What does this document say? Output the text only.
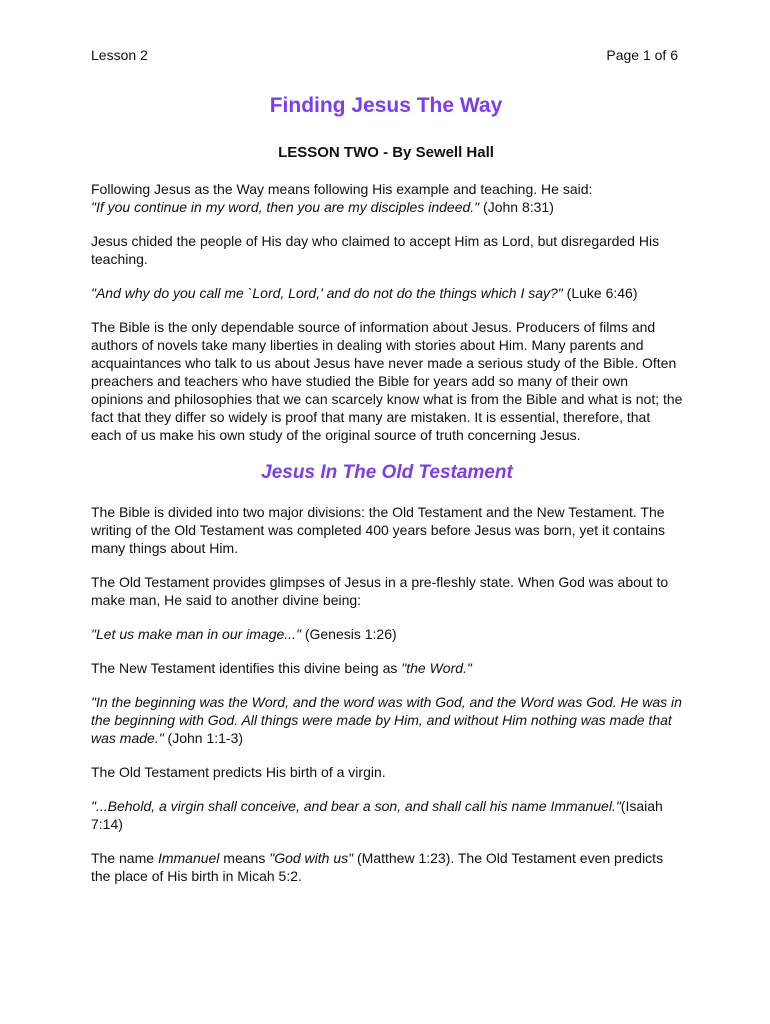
Lesson 2	Page 1 of 6
Finding Jesus The Way
LESSON TWO - By Sewell Hall

Following Jesus as the Way means following His example and teaching. He said:
"If you continue in my word, then you are my disciples indeed." (John 8:31)

Jesus chided the people of His day who claimed to accept Him as Lord, but disregarded His teaching.

"And why do you call me `Lord, Lord,' and do not do the things which I say?" (Luke 6:46)

The Bible is the only dependable source of information about Jesus. Producers of films and authors of novels take many liberties in dealing with stories about Him. Many parents and acquaintances who talk to us about Jesus have never made a serious study of the Bible. Often preachers and teachers who have studied the Bible for years add so many of their own opinions and philosophies that we can scarcely know what is from the Bible and what is not; the fact that they differ so widely is proof that many are mistaken. It is essential, therefore, that each of us make his own study of the original source of truth concerning Jesus.

Jesus In The Old Testament

The Bible is divided into two major divisions: the Old Testament and the New Testament. The writing of the Old Testament was completed 400 years before Jesus was born, yet it contains many things about Him.

The Old Testament provides glimpses of Jesus in a pre-fleshly state. When God was about to make man, He said to another divine being:

"Let us make man in our image..." (Genesis 1:26)

The New Testament identifies this divine being as "the Word."

"In the beginning was the Word, and the word was with God, and the Word was God. He was in the beginning with God. All things were made by Him, and without Him nothing was made that was made." (John 1:1-3)

The Old Testament predicts His birth of a virgin.

"...Behold, a virgin shall conceive, and bear a son, and shall call his name Immanuel."(Isaiah 7:14)

The name Immanuel means "God with us" (Matthew 1:23). The Old Testament even predicts the place of His birth in Micah 5:2.
